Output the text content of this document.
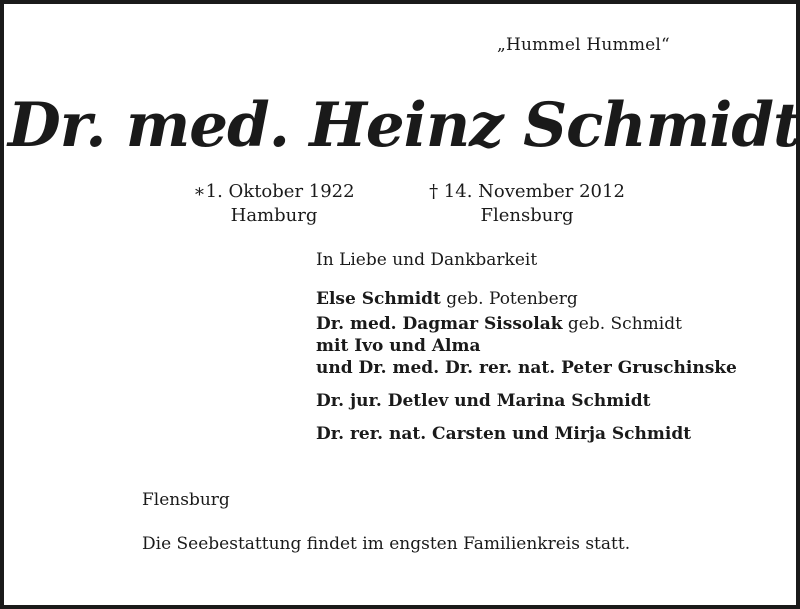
„Hummel Hummel“
Dr. med. Heinz Schmidt
∗1. Oktober 1922
Hamburg
† 14. November 2012
Flensburg
In Liebe und Dankbarkeit
Else Schmidt geb. Potenberg
Dr. med. Dagmar Sissolak geb. Schmidt
mit Ivo und Alma
und Dr. med. Dr. rer. nat. Peter Gruschinske
Dr. jur. Detlev und Marina Schmidt
Dr. rer. nat. Carsten und Mirja Schmidt
Flensburg
Die Seebestattung findet im engsten Familienkreis statt.
